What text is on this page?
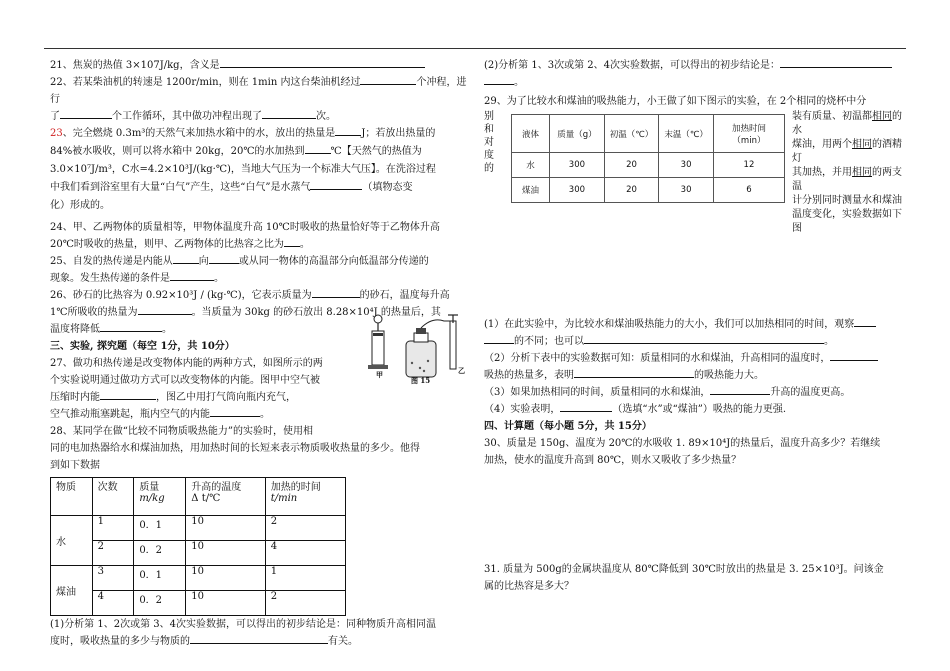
21、焦炭的热值 3×107J/kg，含义是

22、若某柴油机的转速是 1200r/min，则在 1min 内这台柴油机经过	个冲程，进行
了	个工作循环，其中做功冲程出现了	次。

23、完全燃烧 0.3m³的天然气来加热水箱中的水，放出的热量是	J；若放出热量的
84%被水吸收，则可以将水箱中 20kg，20℃的水加热到	℃【天然气的热值为
3.0×10⁷J/m³，C水=4.2×10³J/(kg·℃)，当地大气压为一个标准大气压】。在洗浴过程
中我们看到浴室里有大量“白气”产生，这些“白气”是水蒸气	（填物态变
化）形成的。

24、甲、乙两物体的质量相等，甲物体温度升高 10℃时吸收的热量恰好等于乙物体升高
20℃时吸收的热量，则甲、乙两物体的比热容之比为 。

25、自发的热传递是内能从	向	或从同一物体的高温部分向低温部分传递的
现象。发生热传递的条件是	。

26、砂石的比热容为 0.92×10³J / (kg·℃)，它表示质量为	的砂石，温度每升高
1℃所吸收的热量为	。当质量为 30kg 的砂石放出 8.28×10⁴J 的热量后，其
温度将降低	。

三、实验, 探究题（每空 1分，共 10分）

27、做功和热传递是改变物体内能的两种方式，如图所示的两
个实验说明通过做功方式可以改变物体的内能。图甲中空气被
压缩时内能	，图乙中用打气筒向瓶内充气，
空气推动瓶塞跳起，瓶内空气的内能	。

28、某同学在做“比较不同物质吸热能力”的实验时，使用相
同的电加热器给水和煤油加热，用加热时间的长短来表示物质吸收热量的多少。他得
到如下数据

物质	次数	质量
m/kg	升高的温度
Δ t/℃	加热的时间
t/min
水	1	0．1	10	2
	2	0．2	10	4
煤油	3	0．1	10	1
	4	0．2	10	2

(1)分析第 1、2次或第 3、4次实验数据，可以得出的初步结论是：同种物质升高相同温
度时，吸收热量的多少与物质的	有关。

甲
图 15
乙

(2)分析第 1、3次或第 2、4次实验数据，可以得出的初步结论是：
。

29、为了比较水和煤油的吸热能力，小王做了如下图示的实验，在 2个相同的烧杯中分

别
和
对
度
的
液体	质量（g）	初温（℃）	末温（℃）	加热时间
（min）
水	300	20	30	12
煤油	300	20	30	6
装有质量、初温都相同的水
煤油，用两个相同的酒精灯
其加热，并用相同的两支温
计分别同时测量水和煤油
温度变化，实验数据如下图

(1）在此实验中，为比较水和煤油吸热能力的大小，我们可以加热相同的时间，观察
的不同；也可以	。

（2）分析下表中的实验数据可知：质量相同的水和煤油，升高相同的温度时，
吸热的热量多，表明	的吸热能力大。

（3）如果加热相同的时间，质量相同的水和煤油，	升高的温度更高。

（4）实验表明，	（选填“水”或“煤油”）吸热的能力更强.

四、计算题（每小题 5分，共 15分）

30、质量是 150g、温度为 20℃的水吸收 1. 89×10⁴J的热量后，温度升高多少？若继续
加热，使水的温度升高到 80℃，则水又吸收了多少热量？

31. 质量为 500g的金属块温度从 80℃降低到 30℃时放出的热量是 3. 25×10³J。问该金
属的比热容是多大？
